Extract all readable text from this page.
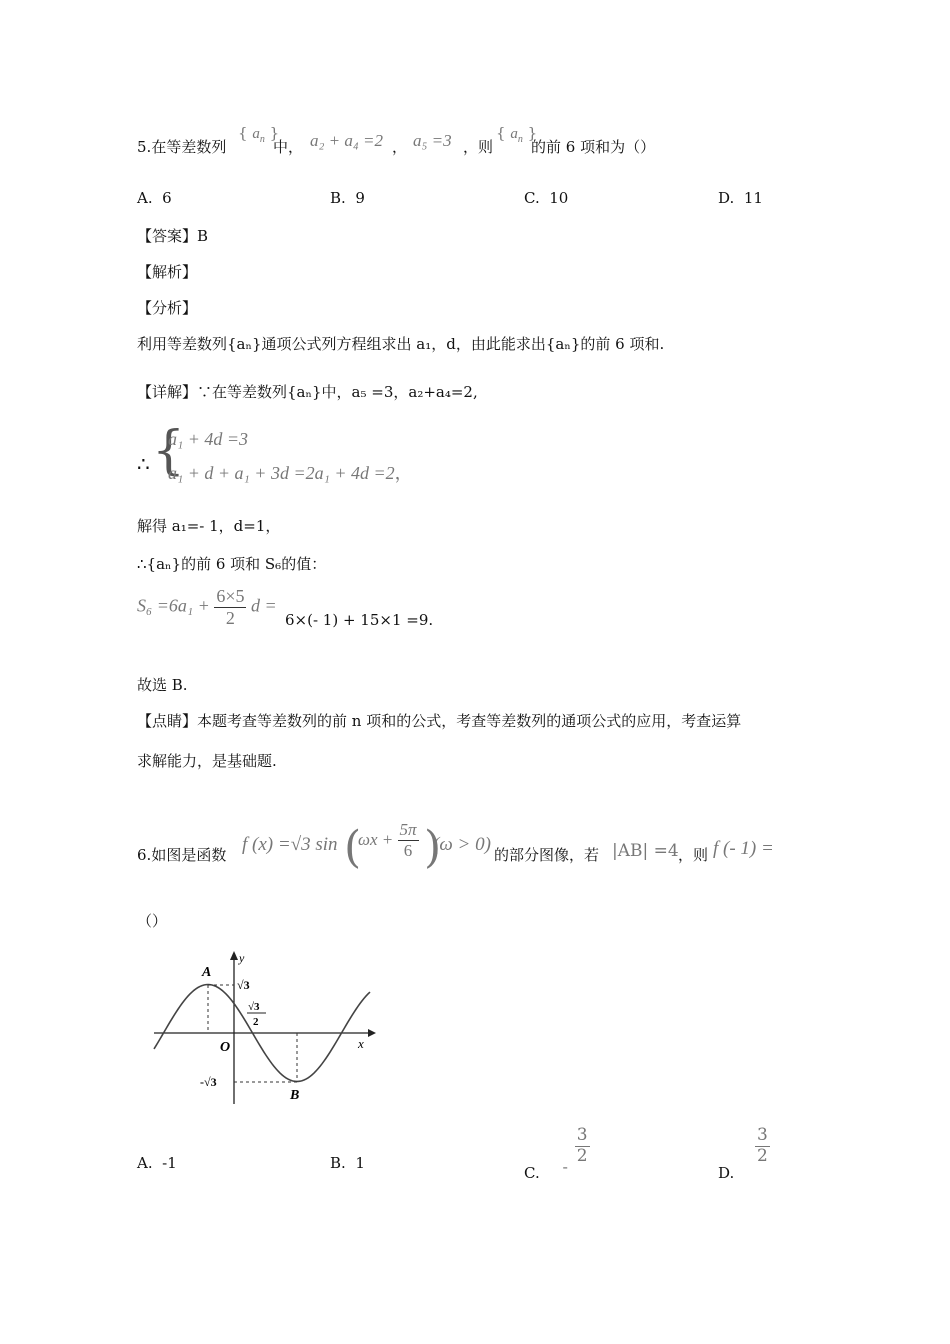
5.在等差数列
{ $a_n$ }
中， a₂ + a₄ =2 ， a₅ =3 ，则
{ $a_n$ }
的前 6 项和为（）
A. 6	B. 9	C. 10	D. 11
【答案】B
【解析】
【分析】
利用等差数列{aₙ}通项公式列方程组求出 a₁，d，由此能求出{aₙ}的前 6 项和.
【详解】∵在等差数列{aₙ}中，a₅ =3，a₂+a₄=2,
∴ {
a₁ + 4d =3
a₁ + d + a₁ + 3d =2a₁ + 4d =2，
解得 a₁=- 1，d=1，
∴{aₙ}的前 6 项和 S₆的值：
$S_6 =6a_1 + \frac{6\times 5}{2}$ d =
6×(- 1) + 15×1 =9.
故选 B.
【点睛】本题考查等差数列的前 n 项和的公式，考查等差数列的通项公式的应用，考查运算
求解能力，是基础题.
6.如图是函数 f (x) =√3 sin (
$\omega x + \frac{5\pi}{6}$ )
(ω > 0) 的部分图像，若 |AB| =4 ，则 f (- 1) =
（）
y
x
O
A
B
√3
√3
2
-√3
A. -1	B. 1
C. -
$\frac{3}{2}$
D.
$\frac{3}{2}$
